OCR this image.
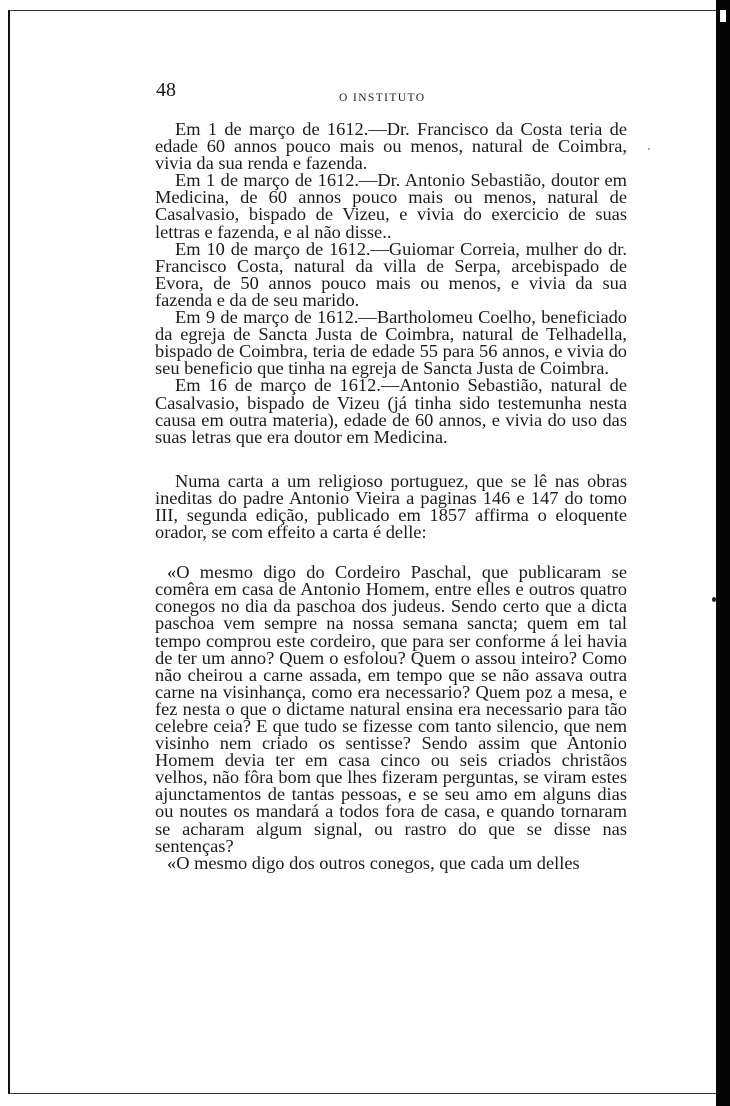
48	O INSTITUTO

Em 1 de março de 1612.—Dr. Francisco da Costa teria de edade 60 annos pouco mais ou menos, natural de Coimbra, vivia da sua renda e fazenda.

Em 1 de março de 1612.—Dr. Antonio Sebastião, doutor em Medicina, de 60 annos pouco mais ou menos, natural de Casalvasio, bispado de Vizeu, e vivia do exercicio de suas lettras e fazenda, e al não disse..

Em 10 de março de 1612.—Guiomar Correia, mulher do dr. Francisco Costa, natural da villa de Serpa, arcebispado de Evora, de 50 annos pouco mais ou menos, e vivia da sua fazenda e da de seu marido.

Em 9 de março de 1612.—Bartholomeu Coelho, beneficiado da egreja de Sancta Justa de Coimbra, natural de Telhadella, bispado de Coimbra, teria de edade 55 para 56 annos, e vivia do seu beneficio que tinha na egreja de Sancta Justa de Coimbra.

Em 16 de março de 1612.—Antonio Sebastião, natural de Casalvasio, bispado de Vizeu (já tinha sido testemunha nesta causa em outra materia), edade de 60 annos, e vivia do uso das suas letras que era doutor em Medicina.

Numa carta a um religioso portuguez, que se lê nas obras ineditas do padre Antonio Vieira a paginas 146 e 147 do tomo III, segunda edição, publicado em 1857 affirma o eloquente orador, se com effeito a carta é delle:

«O mesmo digo do Cordeiro Paschal, que publicaram se comêra em casa de Antonio Homem, entre elles e outros quatro conegos no dia da paschoa dos judeus. Sendo certo que a dicta paschoa vem sempre na nossa semana sancta; quem em tal tempo comprou este cordeiro, que para ser conforme á lei havia de ter um anno? Quem o esfolou? Quem o assou inteiro? Como não cheirou a carne assada, em tempo que se não assava outra carne na visinhança, como era necessario? Quem poz a mesa, e fez nesta o que o dictame natural ensina era necessario para tão celebre ceia? E que tudo se fizesse com tanto silencio, que nem visinho nem criado os sentisse? Sendo assim que Antonio Homem devia ter em casa cinco ou seis criados christãos velhos, não fôra bom que lhes fizeram perguntas, se viram estes ajunctamentos de tantas pessoas, e se seu amo em alguns dias ou noutes os mandará a todos fora de casa, e quando tornaram se acharam algum signal, ou rastro do que se disse nas sentenças?

«O mesmo digo dos outros conegos, que cada um delles
